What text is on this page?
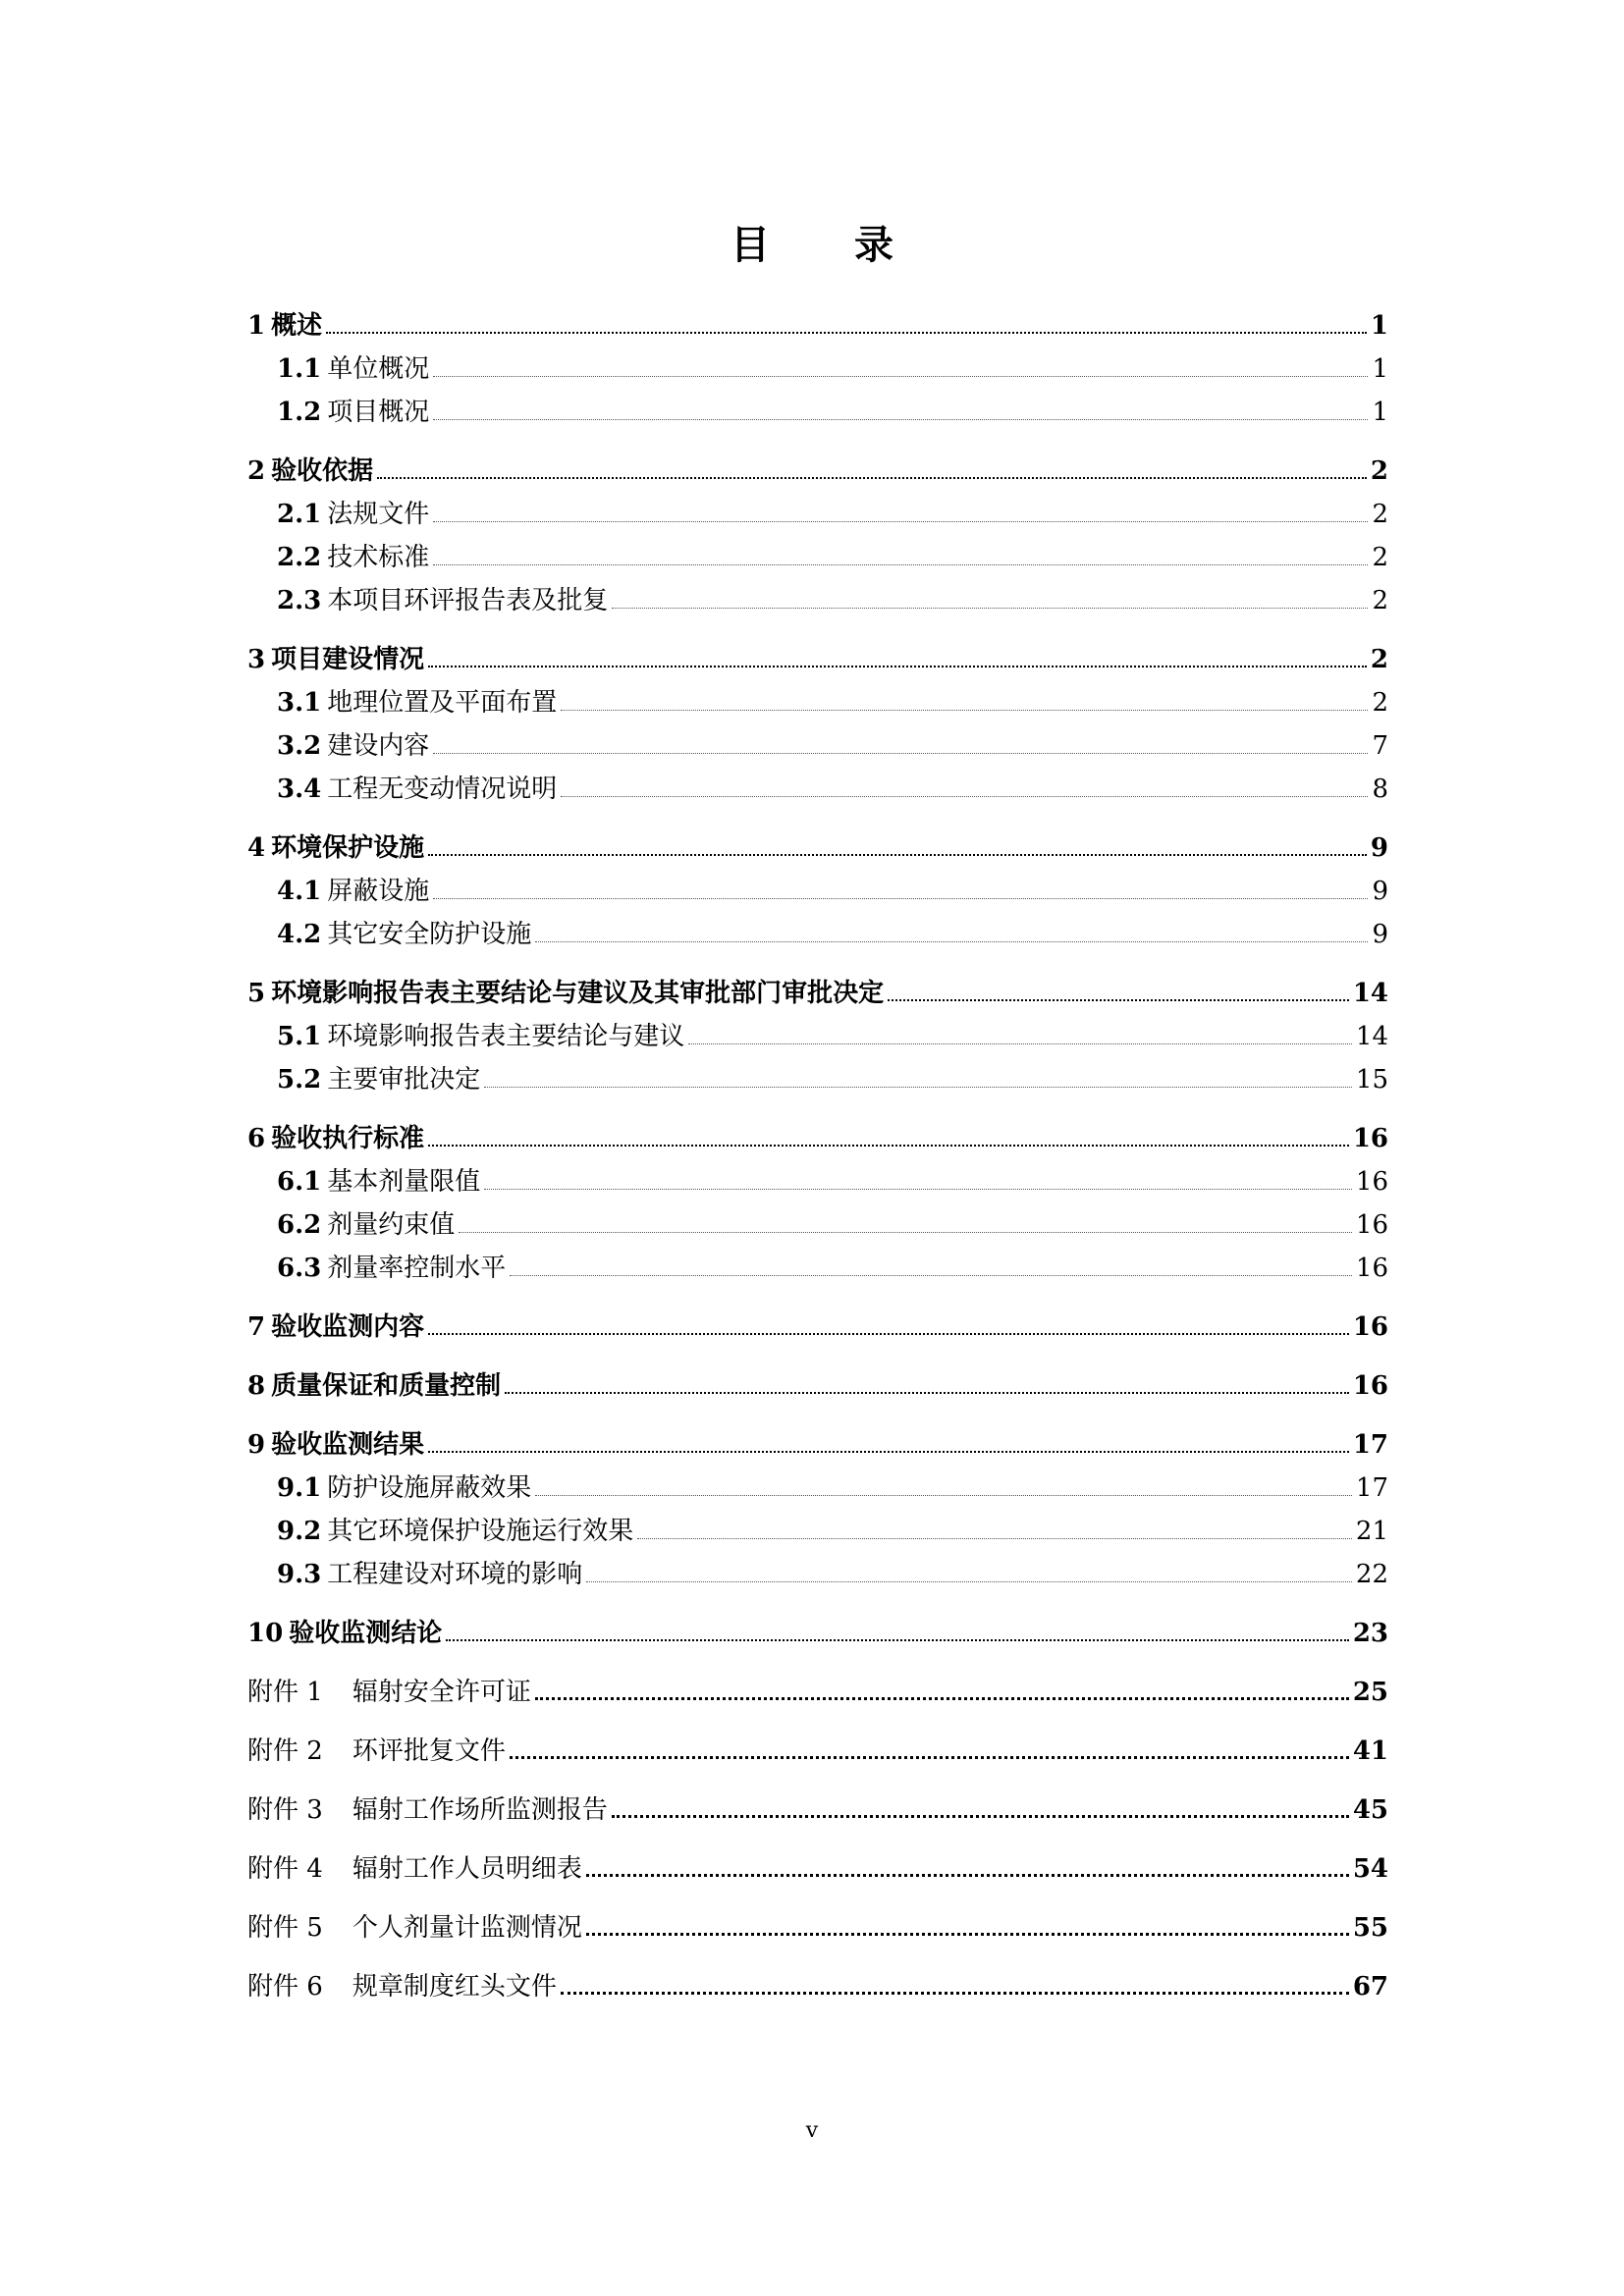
目 录
1 概述	1
1.1 单位概况	1
1.2 项目概况	1
2 验收依据	2
2.1 法规文件	2
2.2 技术标准	2
2.3 本项目环评报告表及批复	2
3 项目建设情况	2
3.1 地理位置及平面布置	2
3.2 建设内容	7
3.4 工程无变动情况说明	8
4 环境保护设施	9
4.1 屏蔽设施	9
4.2 其它安全防护设施	9
5 环境影响报告表主要结论与建议及其审批部门审批决定	14
5.1 环境影响报告表主要结论与建议	14
5.2 主要审批决定	15
6 验收执行标准	16
6.1 基本剂量限值	16
6.2 剂量约束值	16
6.3 剂量率控制水平	16
7 验收监测内容	16
8 质量保证和质量控制	16
9 验收监测结果	17
9.1 防护设施屏蔽效果	17
9.2 其它环境保护设施运行效果	21
9.3 工程建设对环境的影响	22
10 验收监测结论	23
附件 1	辐射安全许可证	25
附件 2	环评批复文件	41
附件 3	辐射工作场所监测报告	45
附件 4	辐射工作人员明细表	54
附件 5	个人剂量计监测情况	55
附件 6	规章制度红头文件	67
v
